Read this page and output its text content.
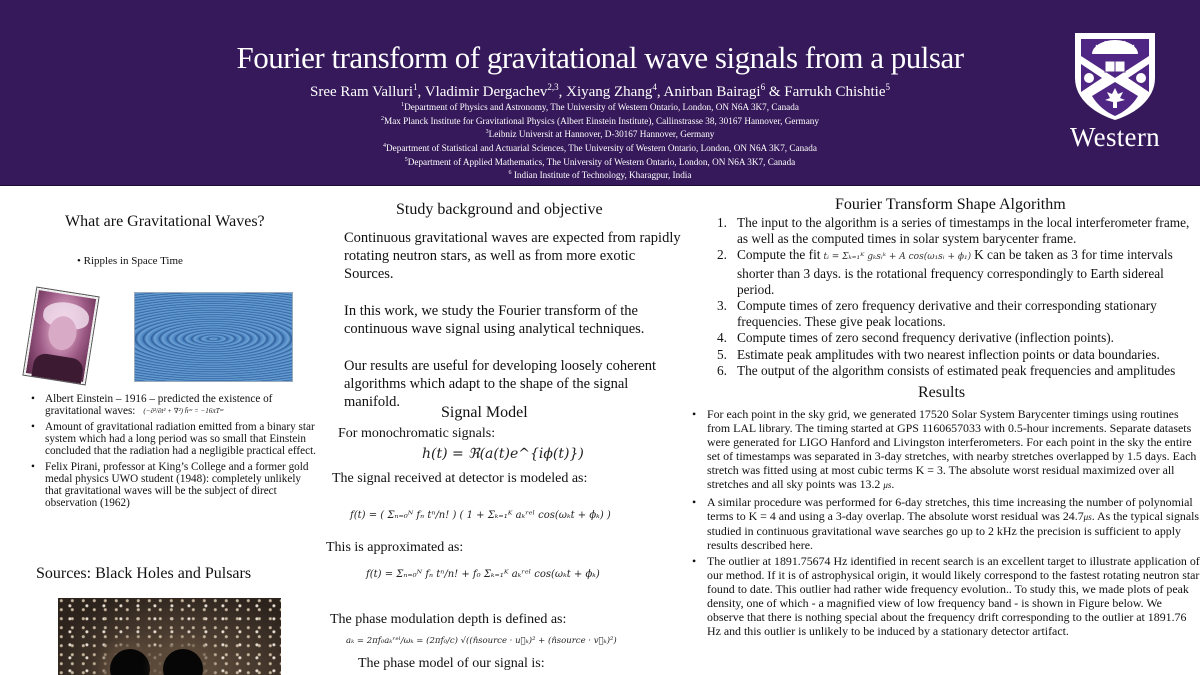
Fourier transform of gravitational wave signals from a pulsar
Sree Ram Valluri$^1$, Vladimir Dergachev$^{2,3}$, Xiyang Zhang$^4$, Anirban Bairagi$^6$ & Farrukh Chishtie$^5$
$^1$Department of Physics and Astronomy, The University of Western Ontario, London, ON N6A 3K7, Canada
$^2$Max Planck Institute for Gravitational Physics (Albert Einstein Institute), Callinstrasse 38, 30167 Hannover, Germany
$^3$Leibniz Universit at Hannover, D-30167 Hannover, Germany
$^4$Department of Statistical and Actuarial Sciences, The University of Western Ontario, London, ON N6A 3K7, Canada
$^5$Department of Applied Mathematics, The University of Western Ontario, London, ON N6A 3K7, Canada
$^6$ Indian Institute of Technology, Kharagpur, India
Western
What are Gravitational Waves?
• Ripples in Space Time
• Albert Einstein – 1916 – predicted the existence of gravitational waves: (−∂²/∂t² + ∇²) h̄ᵘᵛ = −16πTᵘᵛ
• Amount of gravitational radiation emitted from a binary star system which had a long period was so small that Einstein concluded that the radiation had a negligible practical effect.
• Felix Pirani, professor at King’s College and a former gold medal physics UWO student (1948): completely unlikely that gravitational waves will be the subject of direct observation (1962)
Sources: Black Holes and Pulsars
Study background and objective
Continuous gravitational waves are expected from rapidly rotating neutron stars, as well as from more exotic Sources.
In this work, we study the Fourier transform of the continuous wave signal using analytical techniques.
Our results are useful for developing loosely coherent algorithms which adapt to the shape of the signal manifold.
Signal Model
For monochromatic signals:
h(t) = ℜ(a(t)e^{iϕ(t)})
The signal received at detector is modeled as:
f(t) = ( Σₙ₌₀ᴺ fₙ tⁿ/n! ) ( 1 + Σₖ₌₁ᴷ aₖʳᵉˡ cos(ωₖt + ϕₖ) )
This is approximated as:
f(t) = Σₙ₌₀ᴺ fₙ tⁿ/n! + f₀ Σₖ₌₁ᴷ aₖʳᵉˡ cos(ωₖt + ϕₖ)
The phase modulation depth is defined as:
aₖ = 2πf₀aₖʳᵉˡ/ωₖ = (2πf₀/c) √((n̂source · u⃗ₖ)² + (n̂source · v⃗ₖ)²)
The phase model of our signal is:
Fourier Transform Shape Algorithm
1. The input to the algorithm is a series of timestamps in the local interferometer frame, as well as the computed times in solar system barycenter frame.
2. Compute the fit tᵢ = Σₖ₌₁ᴷ gₖsᵢᵏ + A cos(ω₁sᵢ + ϕ₁) K can be taken as 3 for time intervals shorter than 3 days. is the rotational frequency correspondingly to Earth sidereal period.
3. Compute times of zero frequency derivative and their corresponding stationary frequencies. These give peak locations.
4. Compute times of zero second frequency derivative (inflection points).
5. Estimate peak amplitudes with two nearest inflection points or data boundaries.
6. The output of the algorithm consists of estimated peak frequencies and amplitudes
Results
• For each point in the sky grid, we generated 17520 Solar System Barycenter timings using routines from LAL library. The timing started at GPS 1160657033 with 0.5-hour increments. Separate datasets were generated for LIGO Hanford and Livingston interferometers. For each point in the sky the entire set of timestamps was separated in 3-day stretches, with nearby stretches overlapped by 1.5 days. Each stretch was fitted using at most cubic terms K = 3. The absolute worst residual maximized over all stretches and all sky points was 13.2 μs.
• A similar procedure was performed for 6-day stretches, this time increasing the number of polynomial terms to K = 4 and using a 3-day overlap. The absolute worst residual was 24.7μs. As the typical signals studied in continuous gravitational wave searches go up to 2 kHz the precision is sufficient to apply results described here.
• The outlier at 1891.75674 Hz identified in recent search is an excellent target to illustrate application of our method. If it is of astrophysical origin, it would likely correspond to the fastest rotating neutron star found to date. This outlier had rather wide frequency evolution.. To study this, we made plots of peak density, one of which - a magnified view of low frequency band - is shown in Figure below. We observe that there is nothing special about the frequency drift corresponding to the outlier at 1891.76 Hz and this outlier is unlikely to be induced by a stationary detector artifact.
